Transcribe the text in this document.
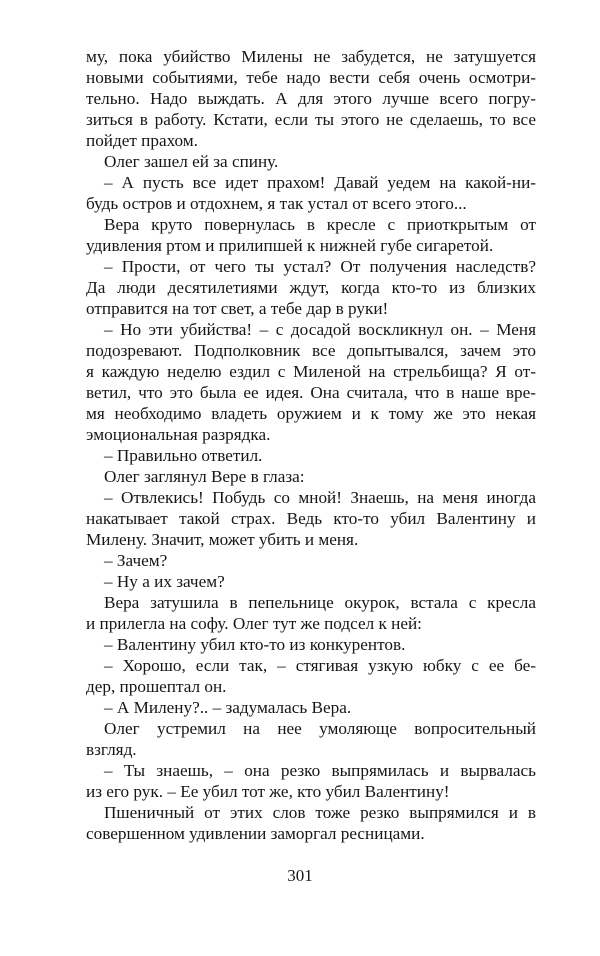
му, пока убийство Милены не забудется, не затушуется
новыми событиями, тебе надо вести себя очень осмотри-
тельно. Надо выждать. А для этого лучше всего погру-
зиться в работу. Кстати, если ты этого не сделаешь, то все
пойдет прахом.
Олег зашел ей за спину.
– А пусть все идет прахом! Давай уедем на какой-ни-
будь остров и отдохнем, я так устал от всего этого...
Вера круто повернулась в кресле с приоткрытым от
удивления ртом и прилипшей к нижней губе сигаретой.
– Прости, от чего ты устал? От получения наследств?
Да люди десятилетиями ждут, когда кто-то из близких
отправится на тот свет, а тебе дар в руки!
– Но эти убийства! – с досадой воскликнул он. – Меня
подозревают. Подполковник все допытывался, зачем это
я каждую неделю ездил с Миленой на стрельбища? Я от-
ветил, что это была ее идея. Она считала, что в наше вре-
мя необходимо владеть оружием и к тому же это некая
эмоциональная разрядка.
– Правильно ответил.
Олег заглянул Вере в глаза:
– Отвлекись! Побудь со мной! Знаешь, на меня иногда
накатывает такой страх. Ведь кто-то убил Валентину и
Милену. Значит, может убить и меня.
– Зачем?
– Ну а их зачем?
Вера затушила в пепельнице окурок, встала с кресла
и прилегла на софу. Олег тут же подсел к ней:
– Валентину убил кто-то из конкурентов.
– Хорошо, если так, – стягивая узкую юбку с ее бе-
дер, прошептал он.
– А Милену?.. – задумалась Вера.
Олег устремил на нее умоляюще вопросительный
взгляд.
– Ты знаешь, – она резко выпрямилась и вырвалась
из его рук. – Ее убил тот же, кто убил Валентину!
Пшеничный от этих слов тоже резко выпрямился и в
совершенном удивлении заморгал ресницами.
301
